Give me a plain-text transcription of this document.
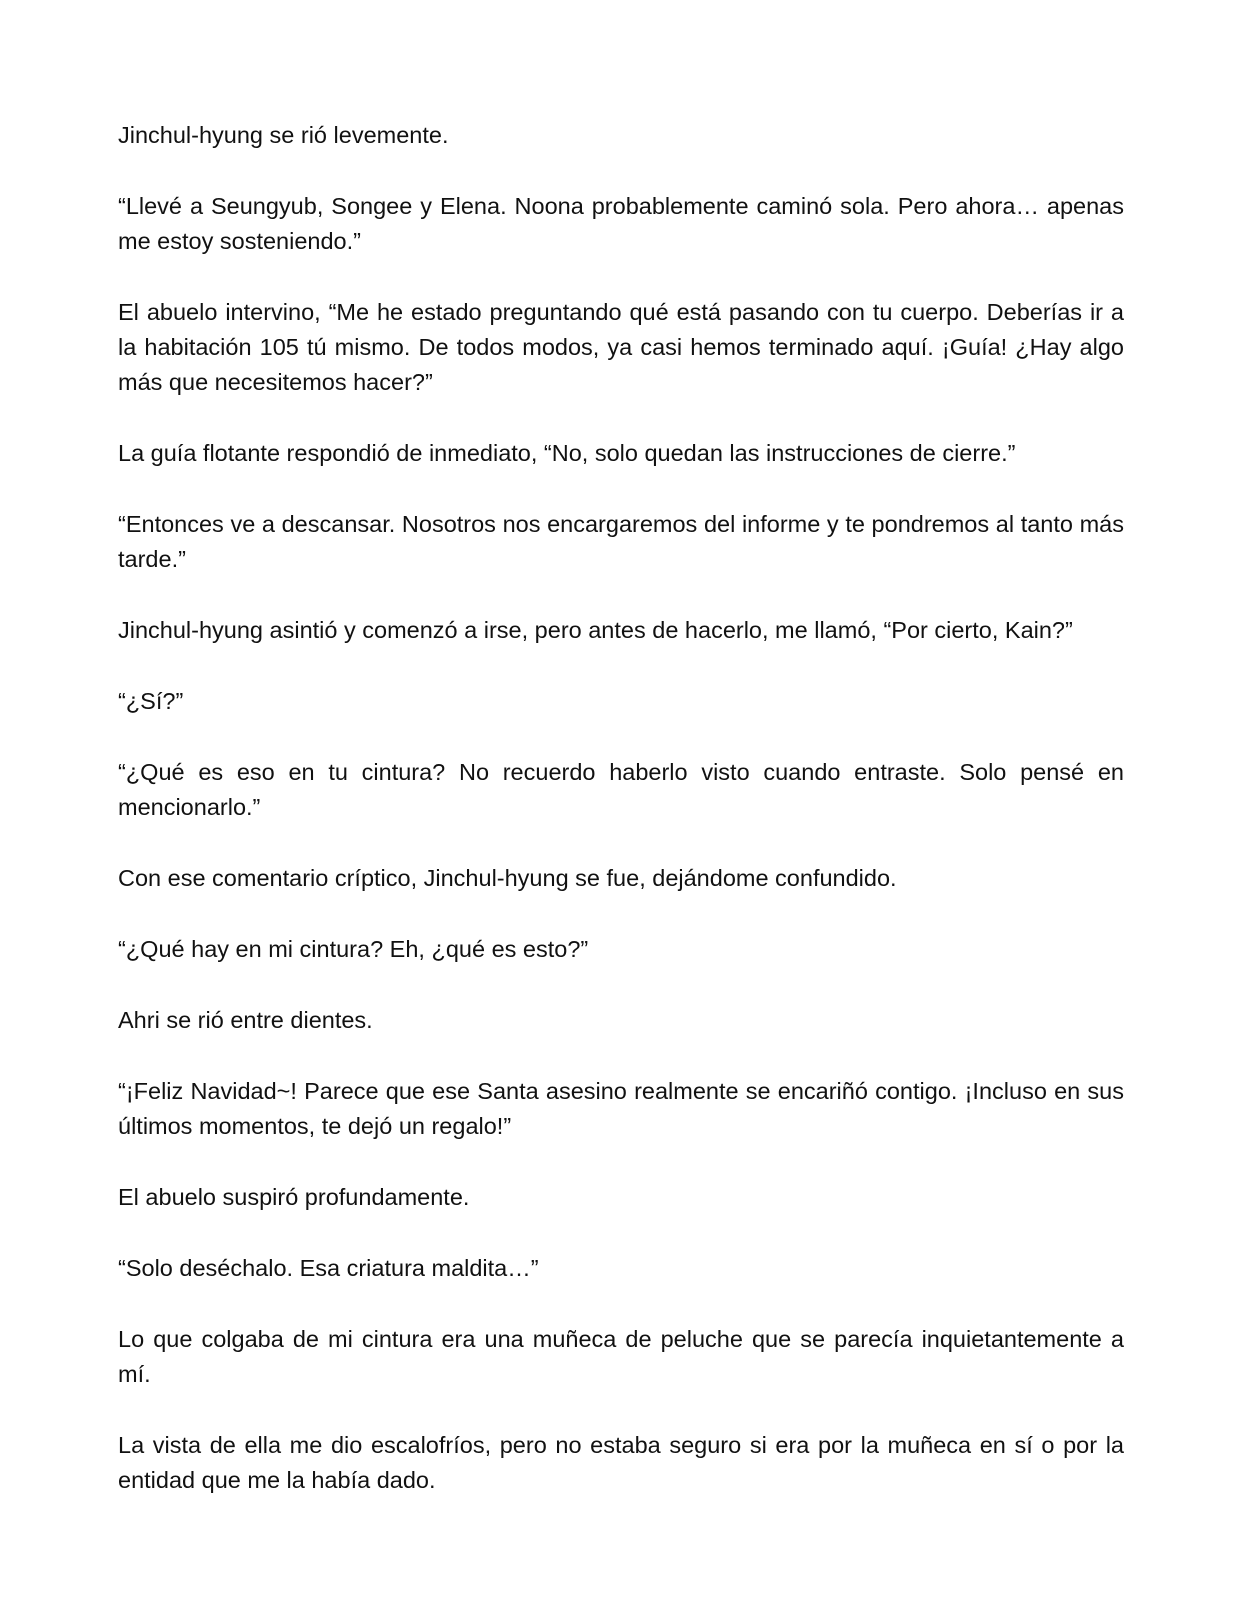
Jinchul-hyung se rió levemente.

“Llevé a Seungyub, Songee y Elena. Noona probablemente caminó sola. Pero ahora… apenas me estoy sosteniendo.”

El abuelo intervino, “Me he estado preguntando qué está pasando con tu cuerpo. Deberías ir a la habitación 105 tú mismo. De todos modos, ya casi hemos terminado aquí. ¡Guía! ¿Hay algo más que necesitemos hacer?”

La guía flotante respondió de inmediato, “No, solo quedan las instrucciones de cierre.”

“Entonces ve a descansar. Nosotros nos encargaremos del informe y te pondremos al tanto más tarde.”

Jinchul-hyung asintió y comenzó a irse, pero antes de hacerlo, me llamó, “Por cierto, Kain?”

“¿Sí?”

“¿Qué es eso en tu cintura? No recuerdo haberlo visto cuando entraste. Solo pensé en mencionarlo.”

Con ese comentario críptico, Jinchul-hyung se fue, dejándome confundido.

“¿Qué hay en mi cintura? Eh, ¿qué es esto?”

Ahri se rió entre dientes.

“¡Feliz Navidad~! Parece que ese Santa asesino realmente se encariñó contigo. ¡Incluso en sus últimos momentos, te dejó un regalo!”

El abuelo suspiró profundamente.

“Solo deséchalo. Esa criatura maldita…”

Lo que colgaba de mi cintura era una muñeca de peluche que se parecía inquietantemente a mí.

La vista de ella me dio escalofríos, pero no estaba seguro si era por la muñeca en sí o por la entidad que me la había dado.
